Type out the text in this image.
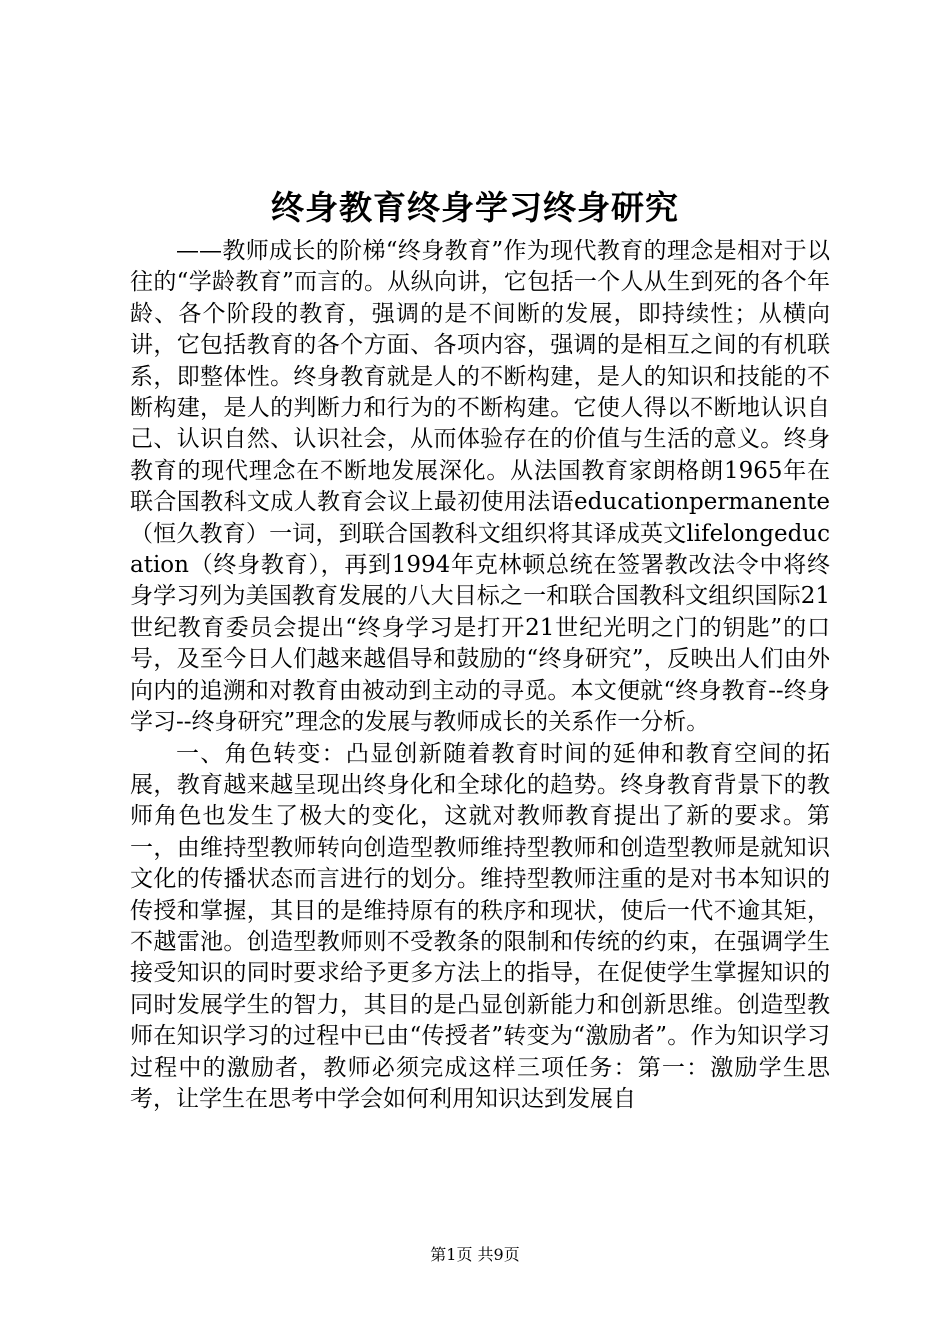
终身教育终身学习终身研究

——教师成长的阶梯“终身教育”作为现代教育的理念是相对于以往的“学龄教育”而言的。从纵向讲，它包括一个人从生到死的各个年龄、各个阶段的教育，强调的是不间断的发展，即持续性；从横向讲，它包括教育的各个方面、各项内容，强调的是相互之间的有机联系，即整体性。终身教育就是人的不断构建，是人的知识和技能的不断构建，是人的判断力和行为的不断构建。它使人得以不断地认识自己、认识自然、认识社会，从而体验存在的价值与生活的意义。终身教育的现代理念在不断地发展深化。从法国教育家朗格朗1965年在联合国教科文成人教育会议上最初使用法语educationpermanente（恒久教育）一词，到联合国教科文组织将其译成英文lifelongeducation（终身教育），再到1994年克林顿总统在签署教改法令中将终身学习列为美国教育发展的八大目标之一和联合国教科文组织国际21世纪教育委员会提出“终身学习是打开21世纪光明之门的钥匙”的口号，及至今日人们越来越倡导和鼓励的“终身研究”，反映出人们由外向内的追溯和对教育由被动到主动的寻觅。本文便就“终身教育--终身学习--终身研究”理念的发展与教师成长的关系作一分析。

一、角色转变：凸显创新随着教育时间的延伸和教育空间的拓展，教育越来越呈现出终身化和全球化的趋势。终身教育背景下的教师角色也发生了极大的变化，这就对教师教育提出了新的要求。第一，由维持型教师转向创造型教师维持型教师和创造型教师是就知识文化的传播状态而言进行的划分。维持型教师注重的是对书本知识的传授和掌握，其目的是维持原有的秩序和现状，使后一代不逾其矩，不越雷池。创造型教师则不受教条的限制和传统的约束，在强调学生接受知识的同时要求给予更多方法上的指导，在促使学生掌握知识的同时发展学生的智力，其目的是凸显创新能力和创新思维。创造型教师在知识学习的过程中已由“传授者”转变为“激励者”。作为知识学习过程中的激励者，教师必须完成这样三项任务：第一：激励学生思考，让学生在思考中学会如何利用知识达到发展自

第1页 共9页
